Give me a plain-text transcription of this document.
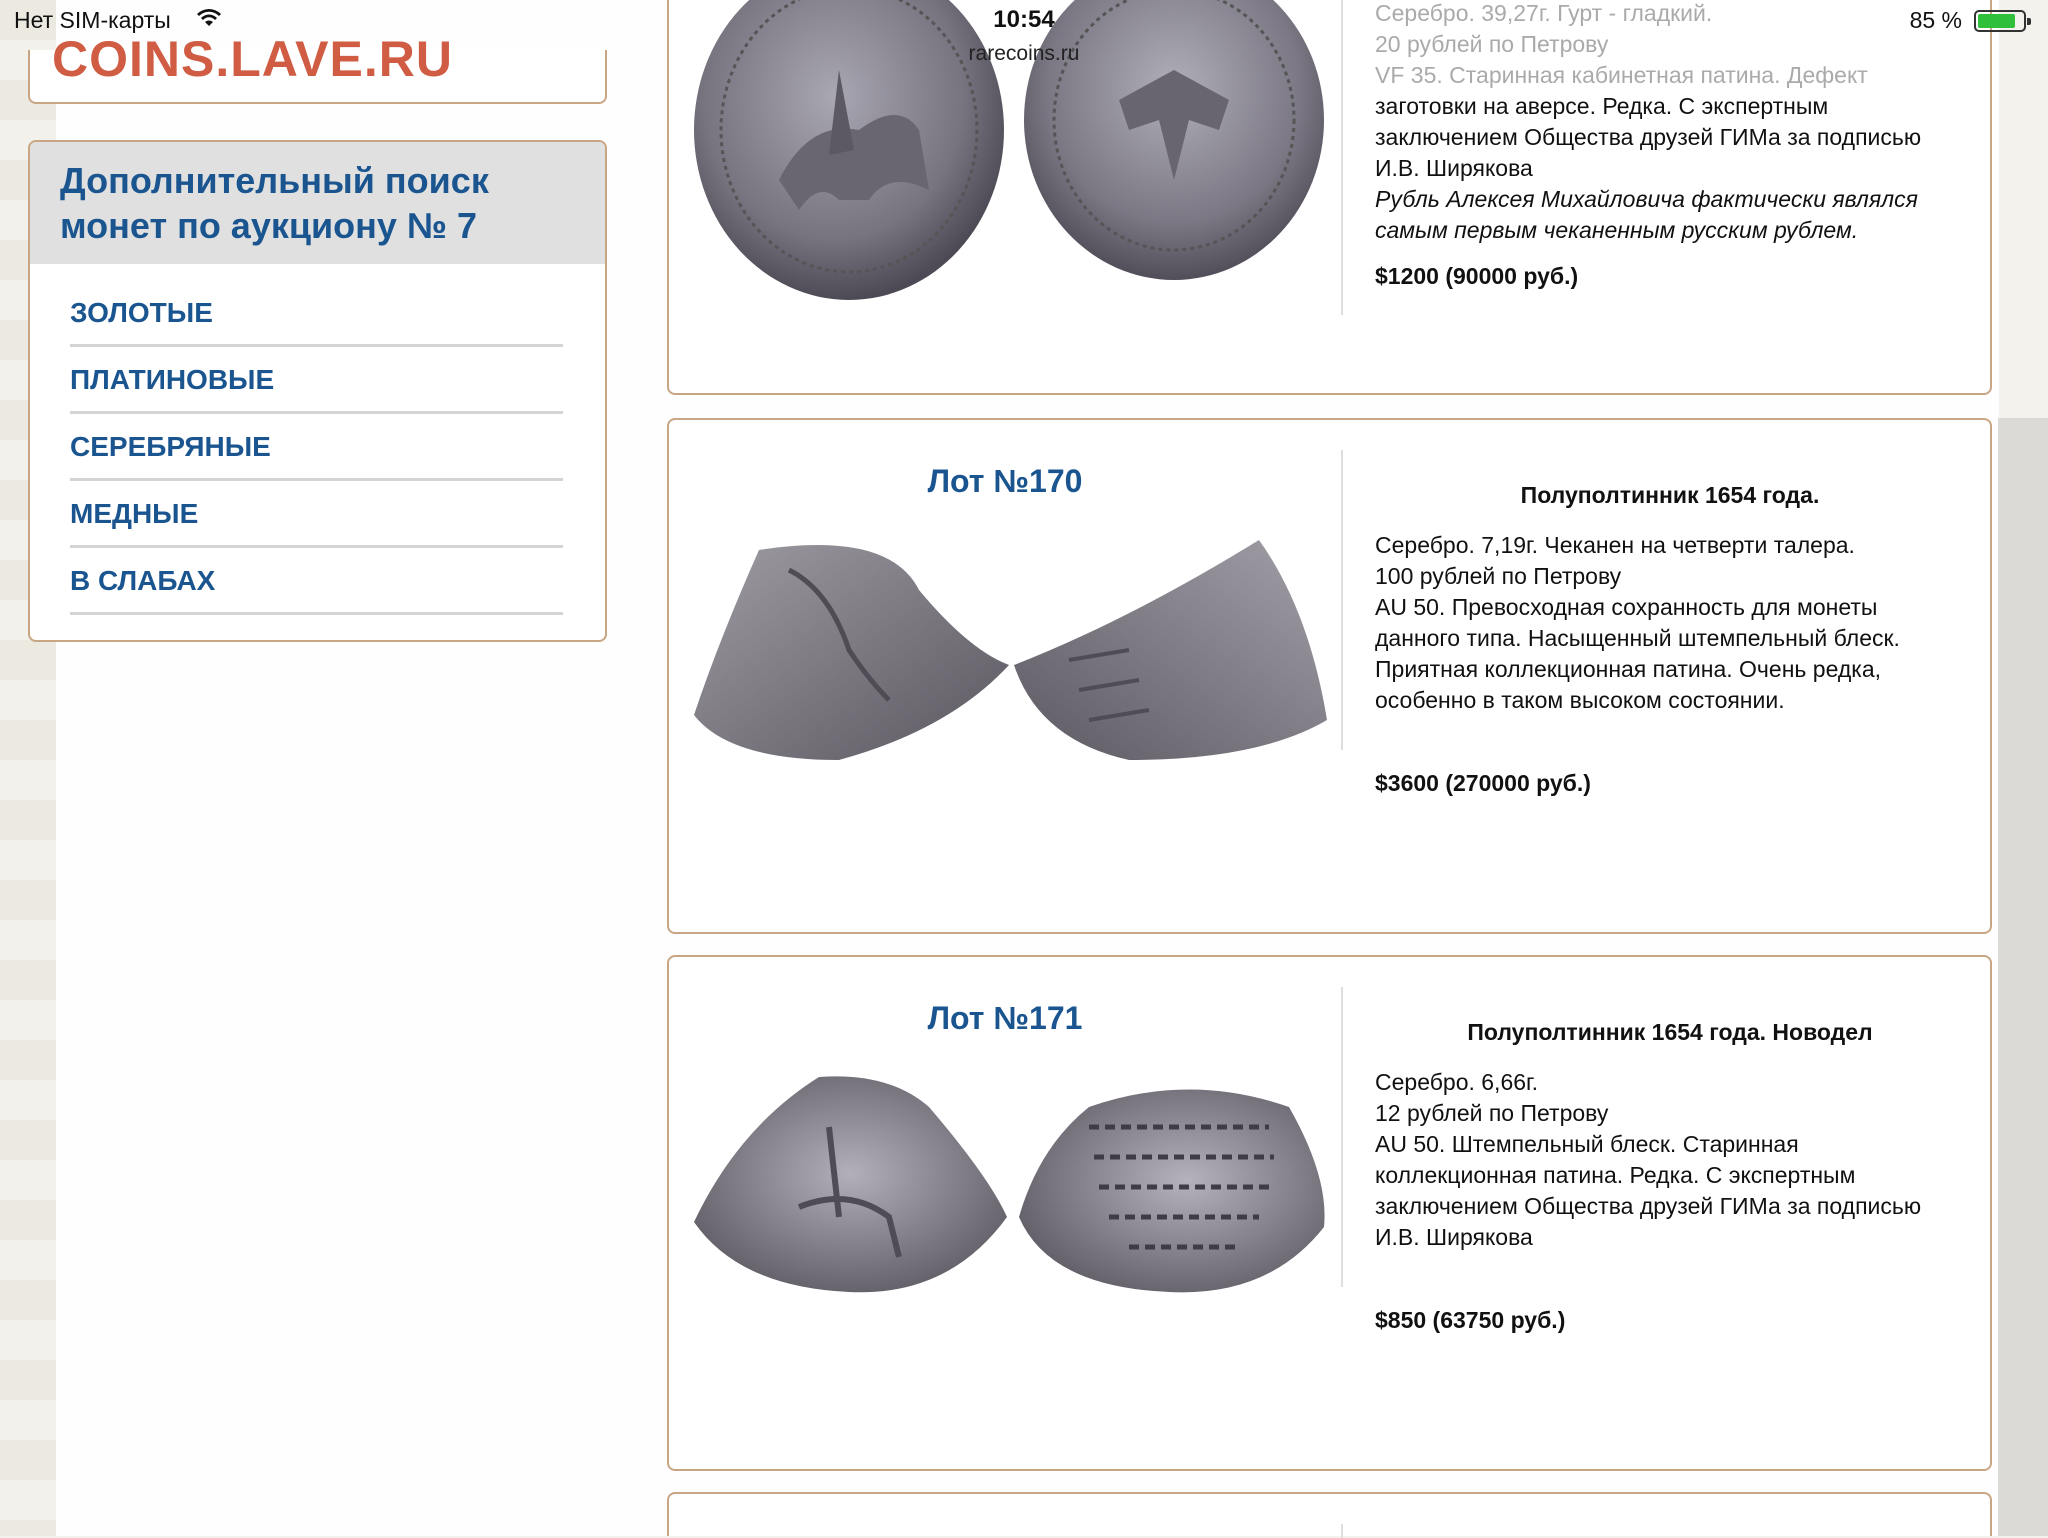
Нет SIM-карты	10:54	85 %
rarecoins.ru
COINS.LAVE.RU
Дополнительный поиск монет по аукциону № 7
ЗОЛОТЫЕ
ПЛАТИНОВЫЕ
СЕРЕБРЯНЫЕ
МЕДНЫЕ
В СЛАБАХ
Серебро. 39,27г. Гурт - гладкий.
20 рублей по Петрову
VF 35. Старинная кабинетная патина. Дефект
заготовки на аверсе. Редка. С экспертным
заключением Общества друзей ГИМа за подписью
И.В. Ширякова
Рубль Алексея Михайловича фактически являлся
самым первым чеканенным русским рублем.
$1200 (90000 руб.)
Лот №170	Полуполтинник 1654 года.
Серебро. 7,19г. Чеканен на четверти талера.
100 рублей по Петрову
AU 50. Превосходная сохранность для монеты
данного типа. Насыщенный штемпельный блеск.
Приятная коллекционная патина. Очень редка,
особенно в таком высоком состоянии.
$3600 (270000 руб.)
Лот №171	Полуполтинник 1654 года. Новодел
Серебро. 6,66г.
12 рублей по Петрову
AU 50. Штемпельный блеск. Старинная
коллекционная патина. Редка. С экспертным
заключением Общества друзей ГИМа за подписью
И.В. Ширякова
$850 (63750 руб.)
